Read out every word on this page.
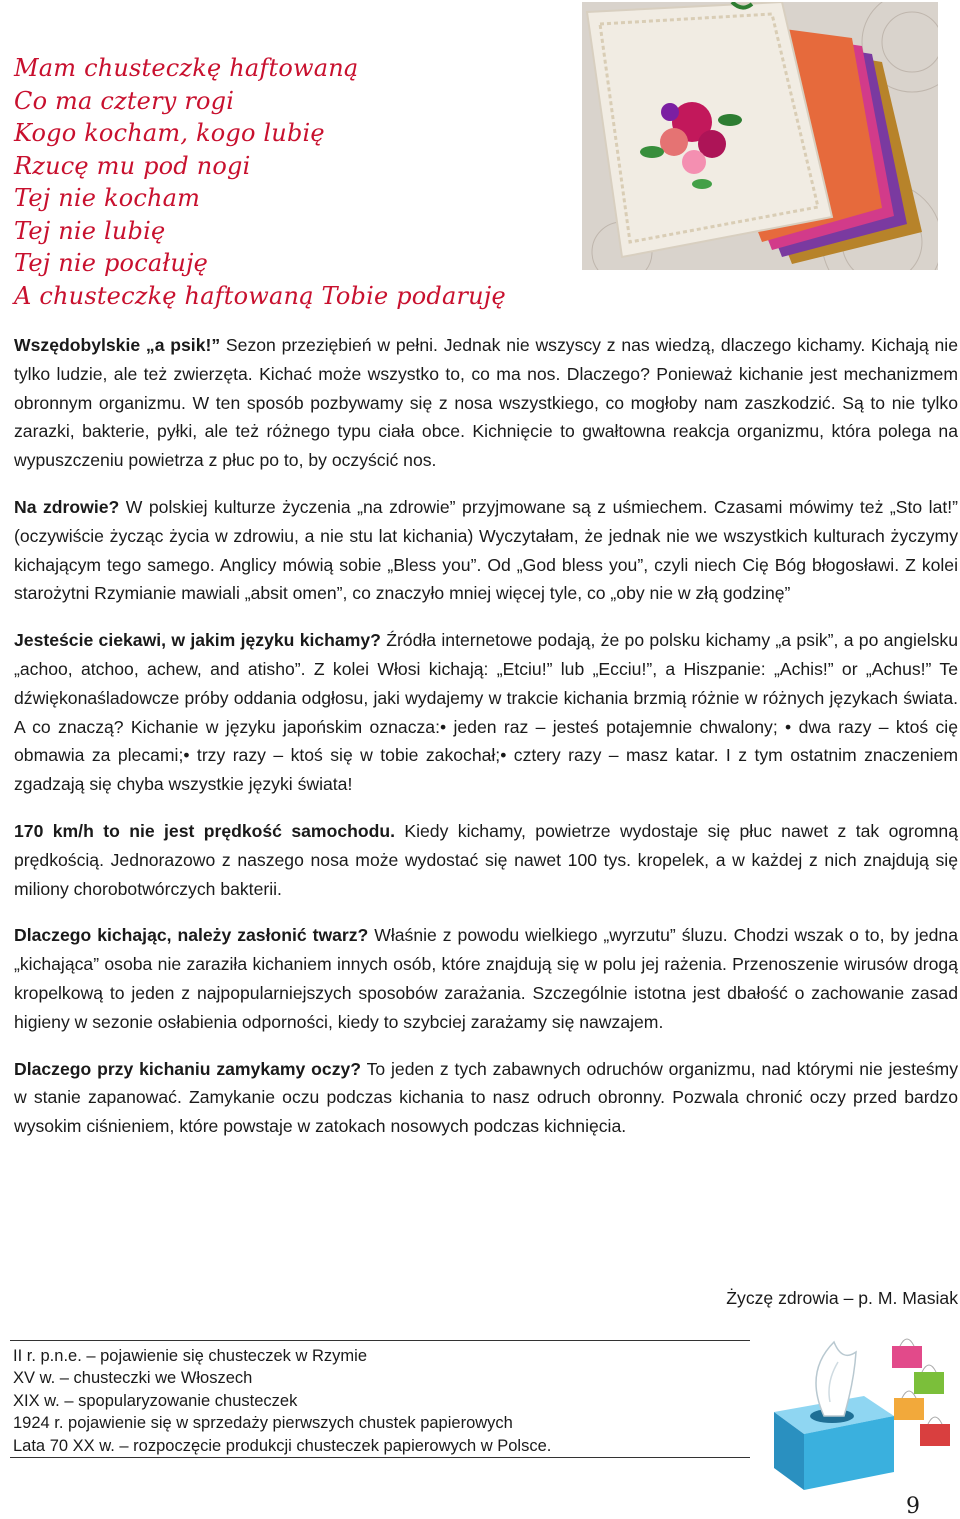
Mam chusteczkę haftowaną
Co ma cztery rogi
Kogo kocham, kogo lubię
Rzucę mu pod nogi
Tej nie kocham
Tej nie lubię
Tej nie pocałuję
A chusteczkę haftowaną Tobie podaruję

Wszędobylskie „a psik!” Sezon przeziębień w pełni. Jednak nie wszyscy z nas wiedzą, dlaczego kichamy. Kichają nie tylko ludzie, ale też zwierzęta. Kichać może wszystko to, co ma nos. Dlaczego? Ponieważ kichanie jest mechanizmem obronnym organizmu. W ten sposób pozbywamy się z nosa wszystkiego, co mogłoby nam zaszkodzić. Są to nie tylko zarazki, bakterie, pyłki, ale też różnego typu ciała obce. Kichnięcie to gwałtowna reakcja organizmu, która polega na wypuszczeniu powietrza z płuc po to, by oczyścić nos.

Na zdrowie? W polskiej kulturze życzenia „na zdrowie” przyjmowane są z uśmiechem. Czasami mówimy też „Sto lat!” (oczywiście życząc życia w zdrowiu, a nie stu lat kichania) Wyczytałam, że jednak nie we wszystkich kulturach życzymy kichającym tego samego. Anglicy mówią sobie „Bless you”. Od „God bless you”, czyli niech Cię Bóg błogosławi. Z kolei starożytni Rzymianie mawiali „absit omen”, co znaczyło mniej więcej tyle, co „oby nie w złą godzinę”

Jesteście ciekawi, w jakim języku kichamy? Źródła internetowe podają, że po polsku kichamy „a psik”, a po angielsku „achoo, atchoo, achew, and atisho”. Z kolei Włosi kichają: „Etciu!” lub „Ecciu!”, a Hiszpanie: „Achis!” or „Achus!” Te dźwiękonaśladowcze próby oddania odgłosu, jaki wydajemy w trakcie kichania brzmią różnie w różnych językach świata. A co znaczą? Kichanie w języku japońskim oznacza:• jeden raz – jesteś potajemnie chwalony; • dwa razy – ktoś cię obmawia za plecami;• trzy razy – ktoś się w tobie zakochał;• cztery razy – masz katar. I z tym ostatnim znaczeniem zgadzają się chyba wszystkie języki świata!

170 km/h to nie jest prędkość samochodu. Kiedy kichamy, powietrze wydostaje się płuc nawet z tak ogromną prędkością. Jednorazowo z naszego nosa może wydostać się nawet 100 tys. kropelek, a w każdej z nich znajdują się miliony chorobotwórczych bakterii.

Dlaczego kichając, należy zasłonić twarz? Właśnie z powodu wielkiego „wyrzutu” śluzu. Chodzi wszak o to, by jedna „kichająca” osoba nie zaraziła kichaniem innych osób, które znajdują się w polu jej rażenia. Przenoszenie wirusów drogą kropelkową to jeden z najpopularniejszych sposobów zarażania. Szczególnie istotna jest dbałość o zachowanie zasad higieny w sezonie osłabienia odporności, kiedy to szybciej zarażamy się nawzajem.

Dlaczego przy kichaniu zamykamy oczy? To jeden z tych zabawnych odruchów organizmu, nad którymi nie jesteśmy w stanie zapanować. Zamykanie oczu podczas kichania to nasz odruch obronny. Pozwala chronić oczy przed bardzo wysokim ciśnieniem, które powstaje w zatokach nosowych podczas kichnięcia.

Życzę zdrowia – p. M. Masiak
II r. p.n.e. – pojawienie się chusteczek w Rzymie
XV w. – chusteczki we Włoszech
XIX w. – spopularyzowanie chusteczek
1924 r. pojawienie się w sprzedaży pierwszych chustek papierowych
Lata 70 XX w. – rozpoczęcie produkcji chusteczek papierowych w Polsce.
9
